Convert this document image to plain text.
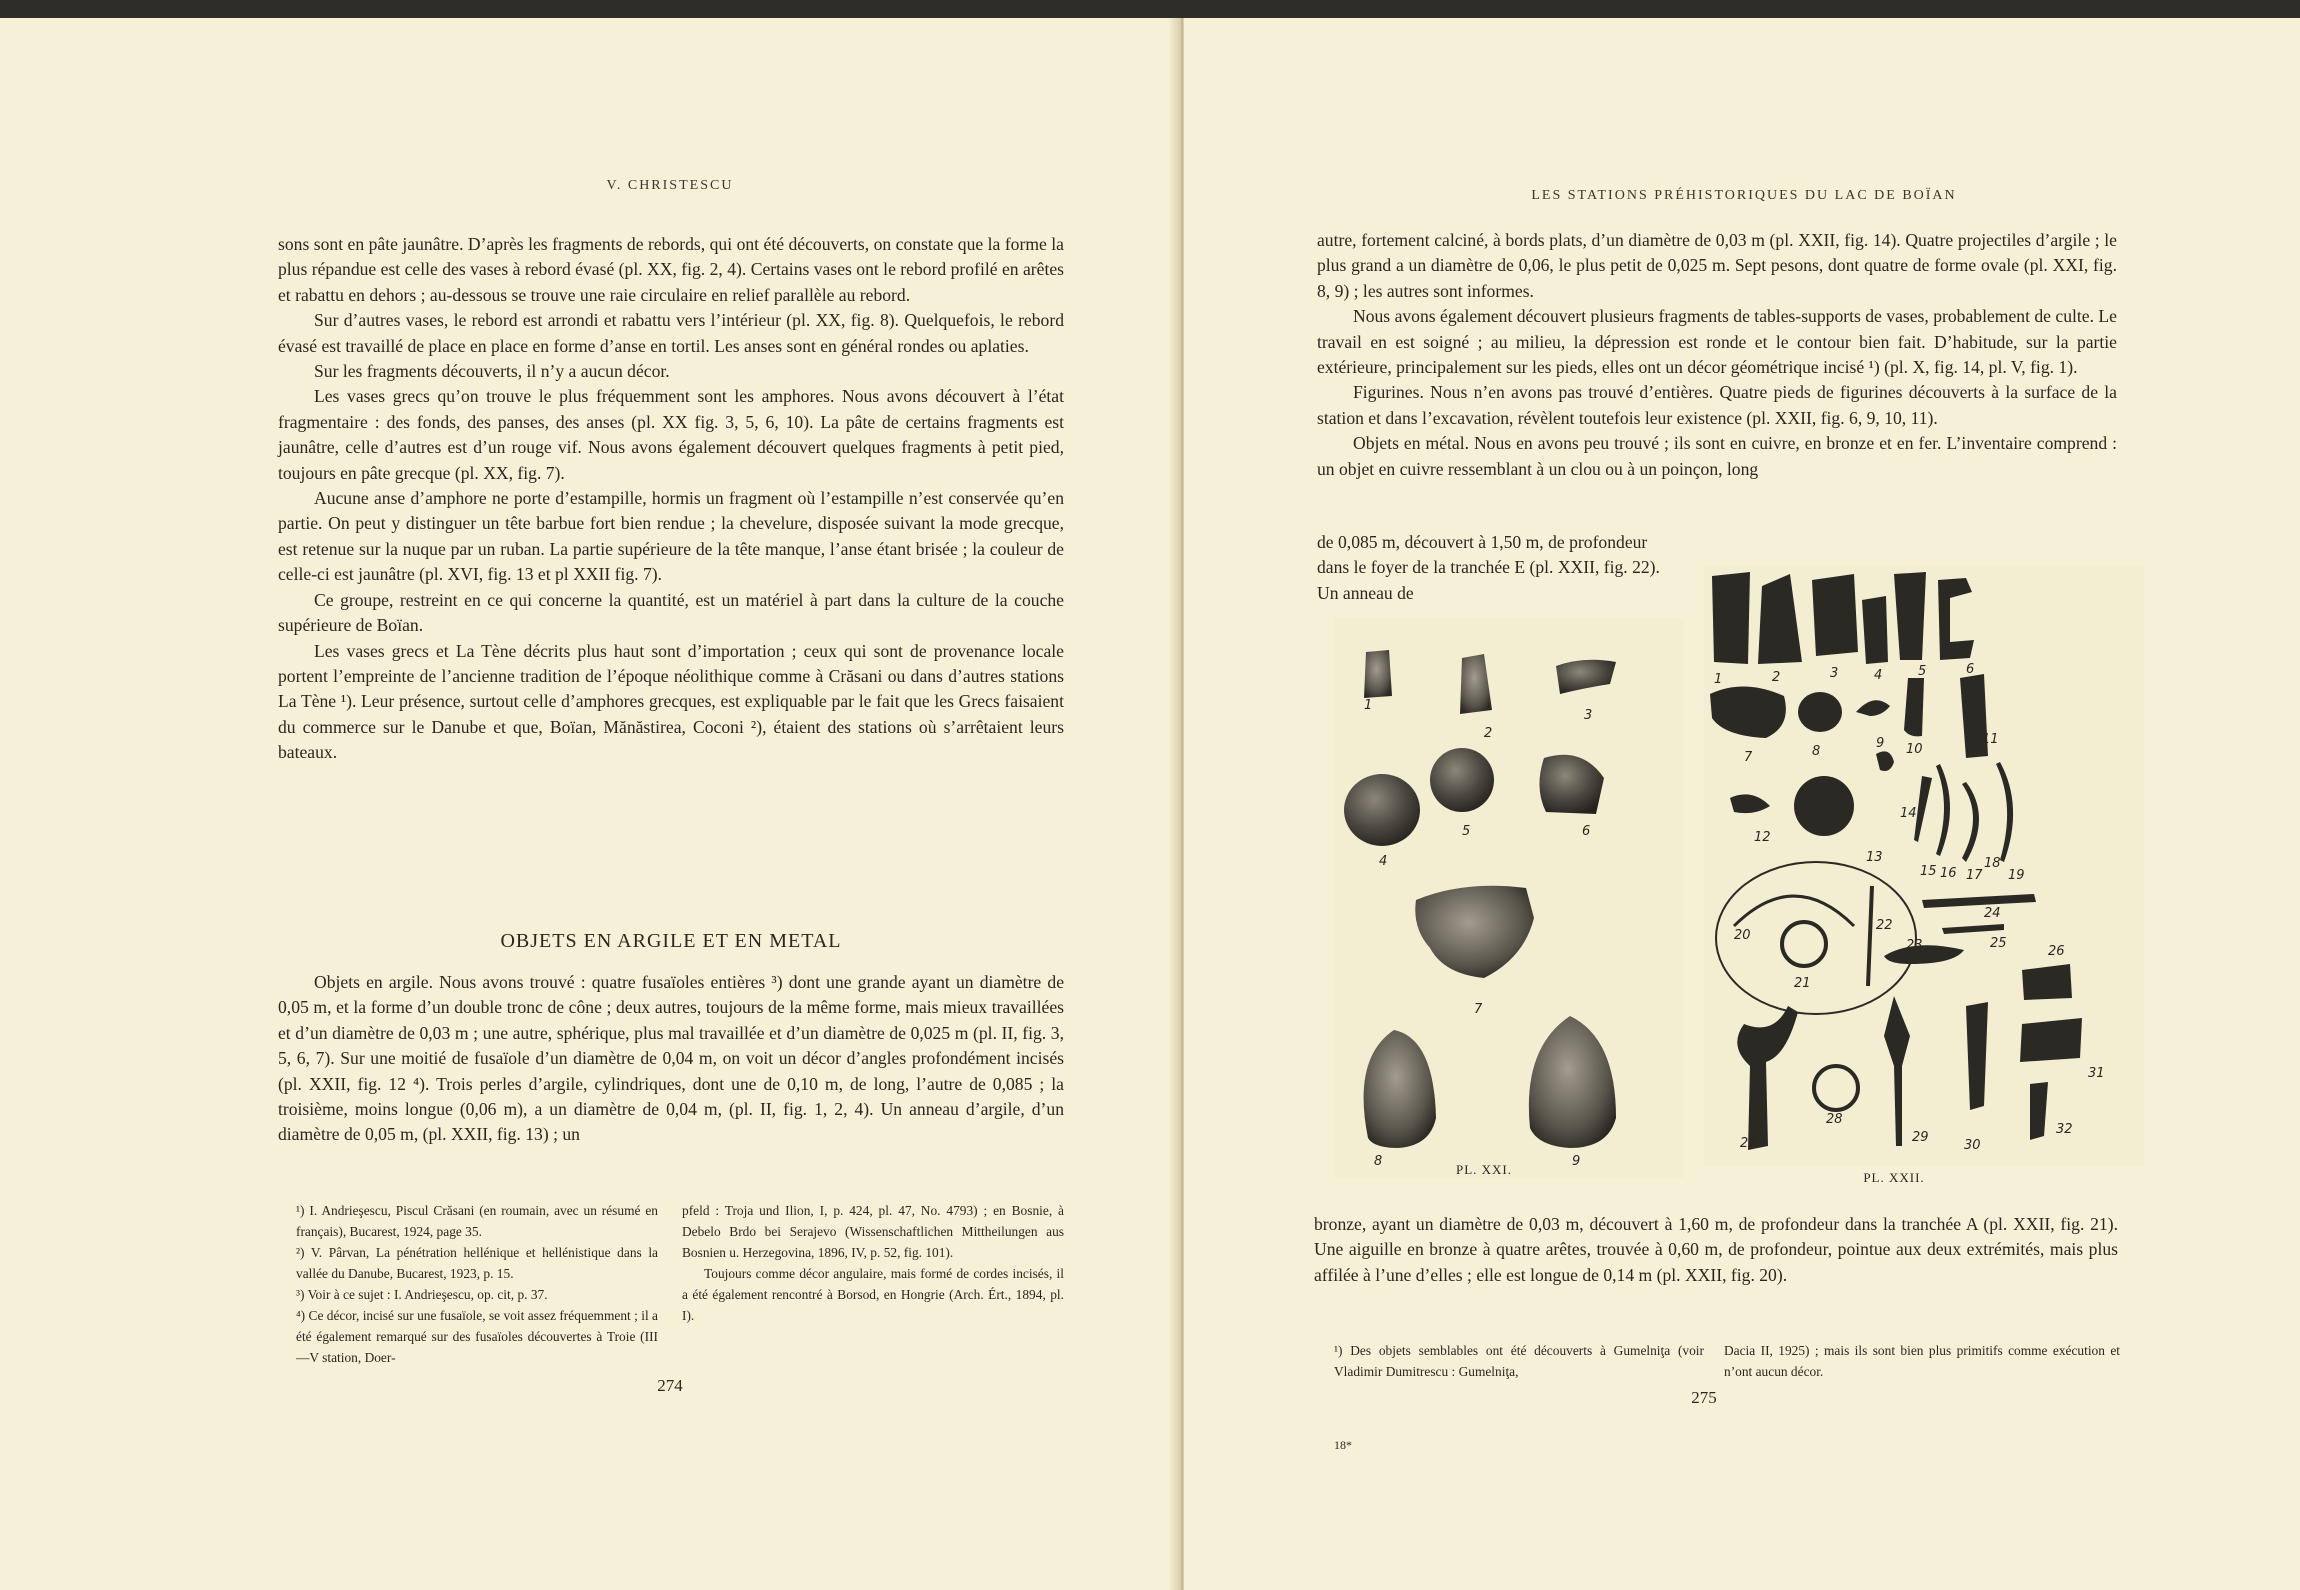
V. CHRISTESCU

sons sont en pâte jaunâtre. D’après les fragments de rebords, qui ont été découverts, on constate que la forme la plus répandue est celle des vases à rebord évasé (pl. XX, fig. 2, 4). Certains vases ont le rebord profilé en arêtes et rabattu en dehors ; au-dessous se trouve une raie circulaire en relief parallèle au rebord.

Sur d’autres vases, le rebord est arrondi et rabattu vers l’intérieur (pl. XX, fig. 8). Quelquefois, le rebord évasé est travaillé de place en place en forme d’anse en tortil. Les anses sont en général rondes ou aplaties.

Sur les fragments découverts, il n’y a aucun décor.

Les vases grecs qu’on trouve le plus fréquemment sont les amphores. Nous avons découvert à l’état fragmentaire : des fonds, des panses, des anses (pl. XX fig. 3, 5, 6, 10). La pâte de certains fragments est jaunâtre, celle d’autres est d’un rouge vif. Nous avons également découvert quelques fragments à petit pied, toujours en pâte grecque (pl. XX, fig. 7).

Aucune anse d’amphore ne porte d’estampille, hormis un fragment où l’estampille n’est conservée qu’en partie. On peut y distinguer un tête barbue fort bien rendue ; la chevelure, disposée suivant la mode grecque, est retenue sur la nuque par un ruban. La partie supérieure de la tête manque, l’anse étant brisée ; la couleur de celle-ci est jaunâtre (pl. XVI, fig. 13 et pl XXII fig. 7).

Ce groupe, restreint en ce qui concerne la quantité, est un matériel à part dans la culture de la couche supérieure de Boïan.

Les vases grecs et La Tène décrits plus haut sont d’importation ; ceux qui sont de provenance locale portent l’empreinte de l’ancienne tradition de l’époque néolithique comme à Crăsani ou dans d’autres stations La Tène ¹). Leur présence, surtout celle d’amphores grecques, est expliquable par le fait que les Grecs faisaient du commerce sur le Danube et que, Boïan, Mănăstirea, Coconi ²), étaient des stations où s’arrêtaient leurs bateaux.

OBJETS EN ARGILE ET EN METAL

Objets en argile. Nous avons trouvé : quatre fusaïoles entières ³) dont une grande ayant un diamètre de 0,05 m, et la forme d’un double tronc de cône ; deux autres, toujours de la même forme, mais mieux travaillées et d’un diamètre de 0,03 m ; une autre, sphérique, plus mal travaillée et d’un diamètre de 0,025 m (pl. II, fig. 3, 5, 6, 7). Sur une moitié de fusaïole d’un diamètre de 0,04 m, on voit un décor d’angles profondément incisés (pl. XXII, fig. 12 ⁴). Trois perles d’argile, cylindriques, dont une de 0,10 m, de long, l’autre de 0,085 ; la troisième, moins longue (0,06 m), a un diamètre de 0,04 m, (pl. II, fig. 1, 2, 4). Un anneau d’argile, d’un diamètre de 0,05 m, (pl. XXII, fig. 13) ; un

¹) I. Andrieşescu, Piscul Crăsani (en roumain, avec un résumé en français), Bucarest, 1924, page 35.

²) V. Pârvan, La pénétration hellénique et hellénistique dans la vallée du Danube, Bucarest, 1923, p. 15.

³) Voir à ce sujet : I. Andrieşescu, op. cit, p. 37.

⁴) Ce décor, incisé sur une fusaïole, se voit assez fréquemment ; il a été également remarqué sur des fusaïoles découvertes à Troie (III—V station, Doer-

pfeld : Troja und Ilion, I, p. 424, pl. 47, No. 4793) ; en Bosnie, à Debelo Brdo bei Serajevo (Wissenschaftlichen Mittheilungen aus Bosnien u. Herzegovina, 1896, IV, p. 52, fig. 101).

Toujours comme décor angulaire, mais formé de cordes incisés, il a été également rencontré à Borsod, en Hongrie (Arch. Ért., 1894, pl. I).

274
LES STATIONS PRÉHISTORIQUES DU LAC DE BOÏAN

autre, fortement calciné, à bords plats, d’un diamètre de 0,03 m (pl. XXII, fig. 14). Quatre projectiles d’argile ; le plus grand a un diamètre de 0,06, le plus petit de 0,025 m. Sept pesons, dont quatre de forme ovale (pl. XXI, fig. 8, 9) ; les autres sont informes.

Nous avons également découvert plusieurs fragments de tables-supports de vases, probablement de culte. Le travail en est soigné ; au milieu, la dépression est ronde et le contour bien fait. D’habitude, sur la partie extérieure, principalement sur les pieds, elles ont un décor géométrique incisé ¹) (pl. X, fig. 14, pl. V, fig. 1).

Figurines. Nous n’en avons pas trouvé d’entières. Quatre pieds de figurines découverts à la surface de la station et dans l’excavation, révèlent toutefois leur existence (pl. XXII, fig. 6, 9, 10, 11).

Objets en métal. Nous en avons peu trouvé ; ils sont en cuivre, en bronze et en fer. L’inventaire comprend : un objet en cuivre ressemblant à un clou ou à un poinçon, long

de 0,085 m, découvert à 1,50 m, de profondeur dans le foyer de la tranchée E (pl. XXII, fig. 22). Un anneau de

1
2
3
4
5	6
7
8	9
PL. XXI.
1	2	3	4	5	6
7	8
9 10
11
12
13
14
15 16 17
18
19
20
21
22
23
24
25
26
27
28
29
30
31
32
PL. XXII.

bronze, ayant un diamètre de 0,03 m, découvert à 1,60 m, de profondeur dans la tranchée A (pl. XXII, fig. 21). Une aiguille en bronze à quatre arêtes, trouvée à 0,60 m, de profondeur, pointue aux deux extrémités, mais plus affilée à l’une d’elles ; elle est longue de 0,14 m (pl. XXII, fig. 20).

¹) Des objets semblables ont été découverts à Gumelniţa (voir Vladimir Dumitrescu : Gumelniţa,

Dacia II, 1925) ; mais ils sont bien plus primitifs comme exécution et n’ont aucun décor.

275
18*
